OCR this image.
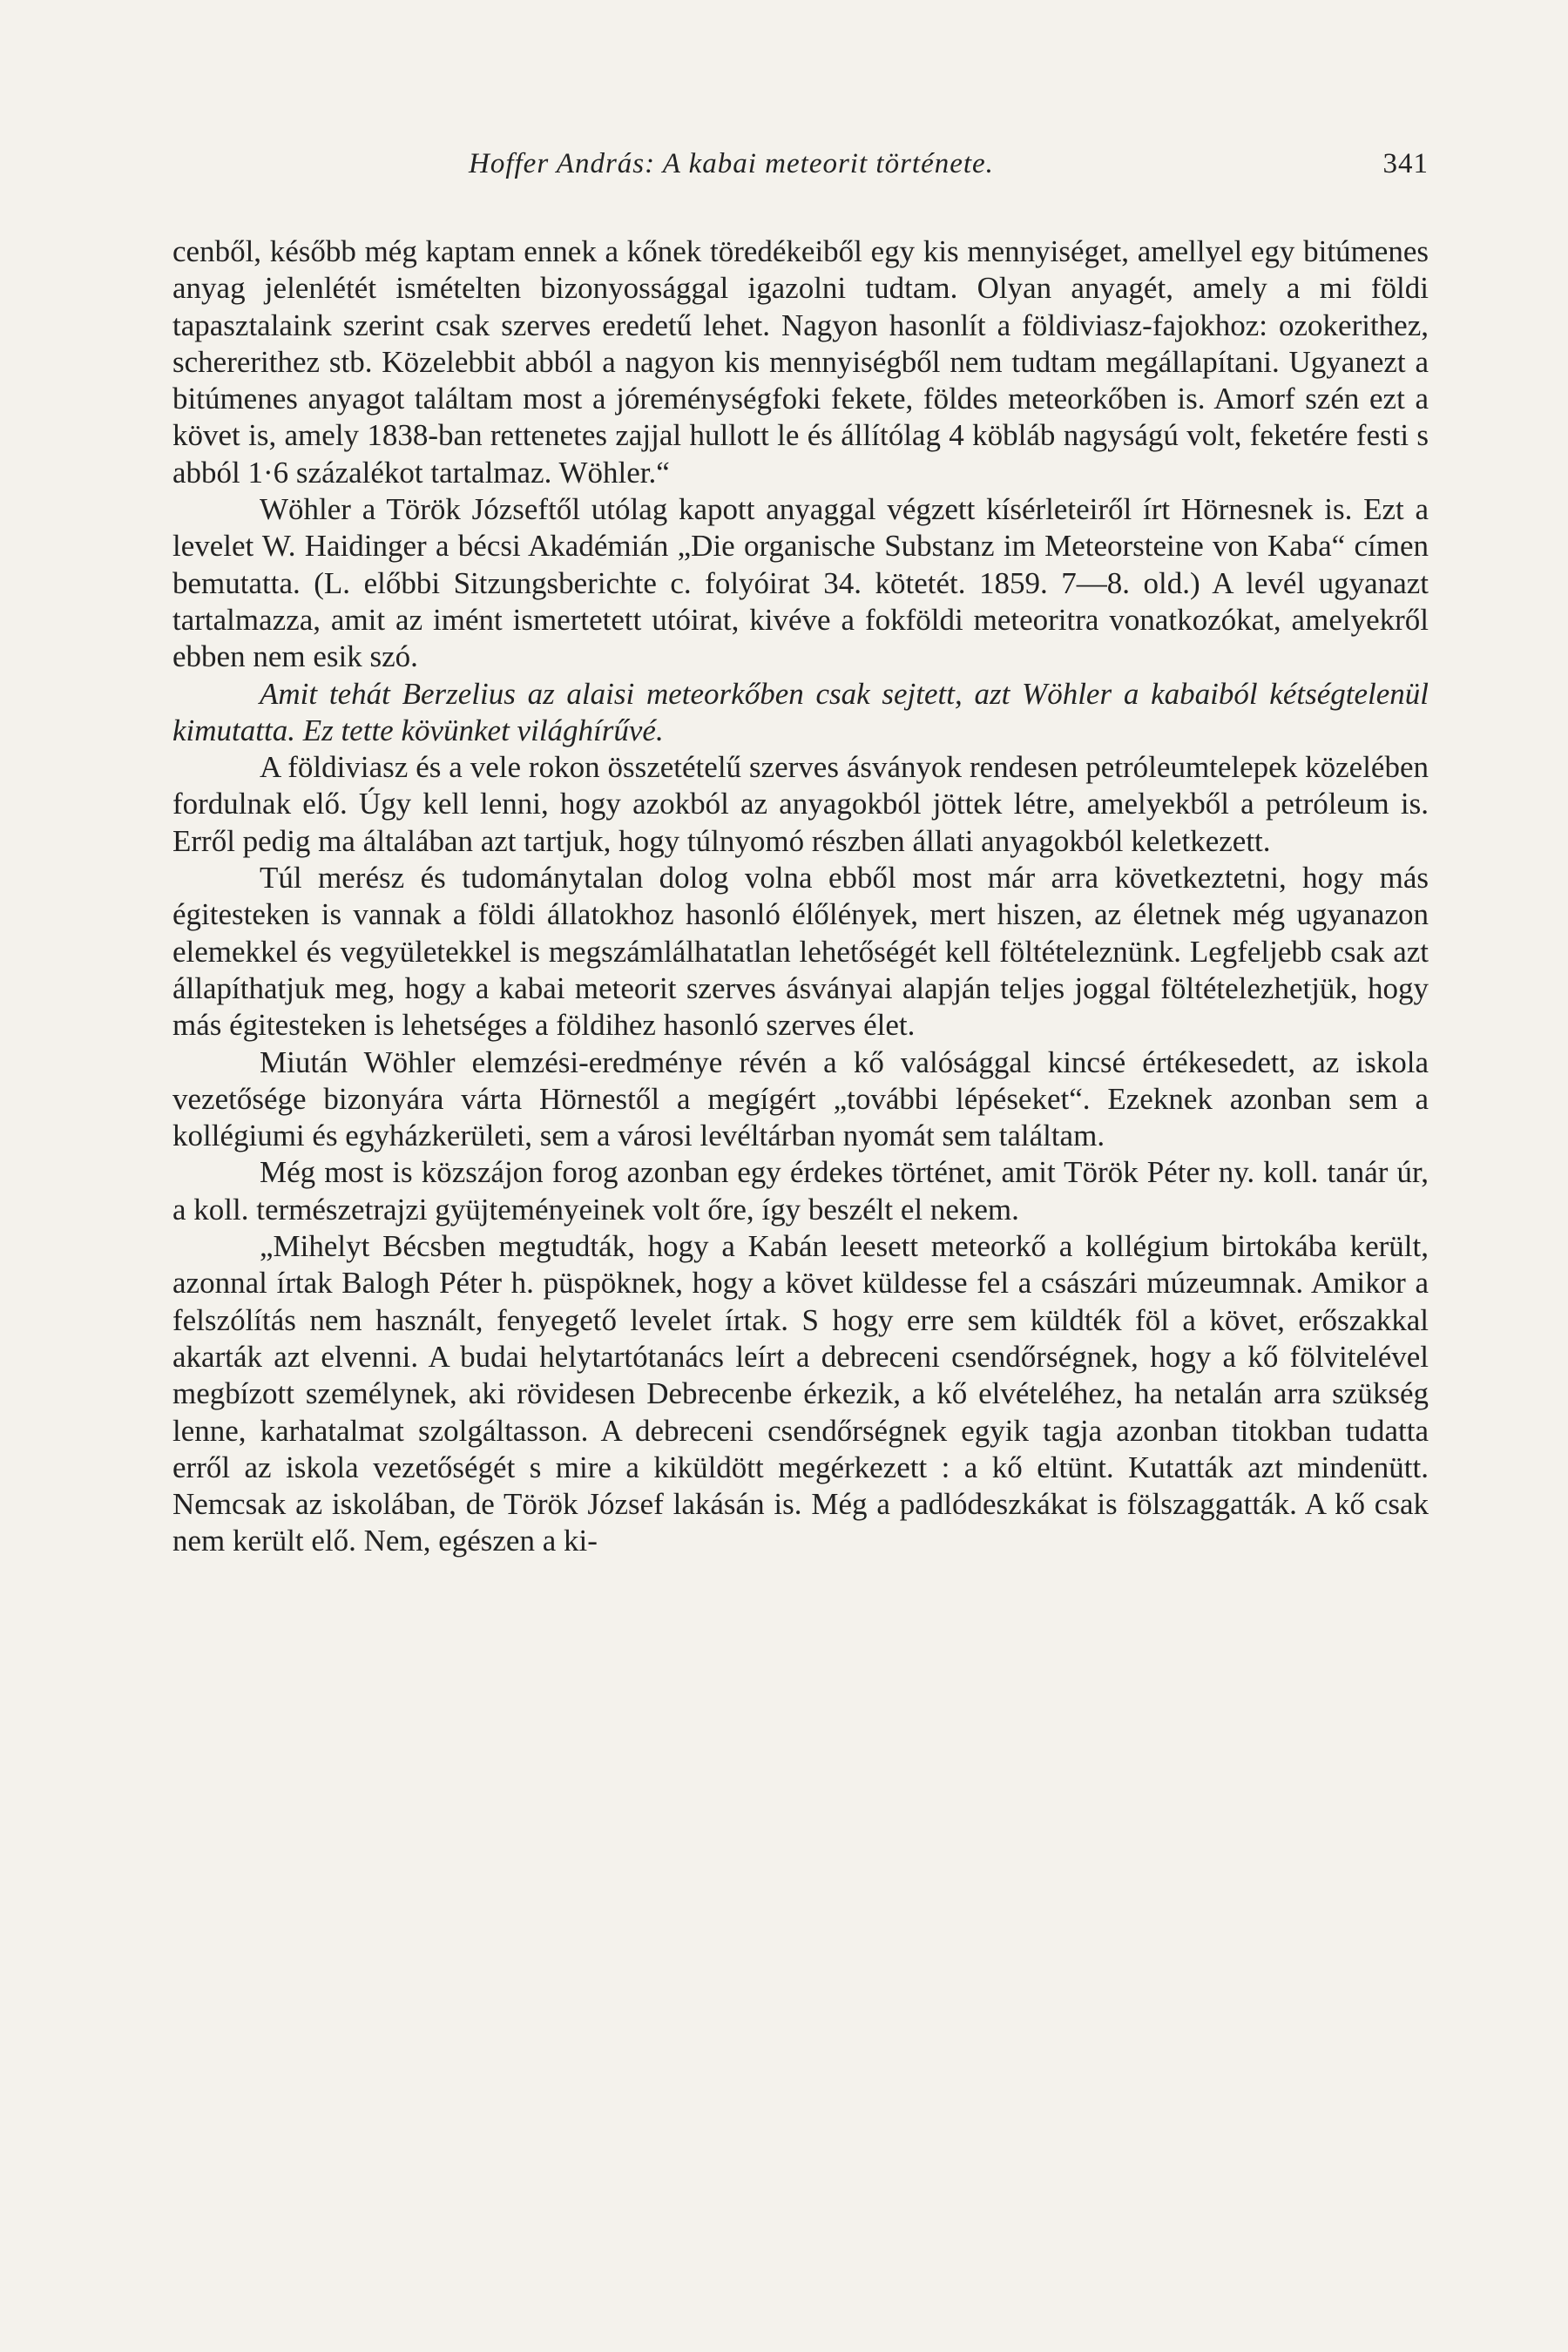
Hoffer András: A kabai meteorit története.	341

cenből, később még kaptam ennek a kőnek töredékeiből egy kis mennyiséget, amellyel egy bitúmenes anyag jelenlétét ismételten bizonyossággal igazolni tudtam. Olyan anyagét, amely a mi földi tapasztalaink szerint csak szerves eredetű lehet. Nagyon hasonlít a földiviasz-fajokhoz: ozokerithez, schererithez stb. Közelebbit abból a nagyon kis mennyiségből nem tudtam megállapítani. Ugyanezt a bitúmenes anyagot találtam most a jóreménységfoki fekete, földes meteorkőben is. Amorf szén ezt a követ is, amely 1838-ban rettenetes zajjal hullott le és állítólag 4 köbláb nagyságú volt, feketére festi s abból 1·6 százalékot tartalmaz. Wöhler.“

Wöhler a Török Józseftől utólag kapott anyaggal végzett kísérleteiről írt Hörnesnek is. Ezt a levelet W. Haidinger a bécsi Akadémián „Die organische Substanz im Meteorsteine von Kaba“ címen bemutatta. (L. előbbi Sitzungsberichte c. folyóirat 34. kötetét. 1859. 7—8. old.) A levél ugyanazt tartalmazza, amit az imént ismertetett utóirat, kivéve a fokföldi meteoritra vonatkozókat, amelyekről ebben nem esik szó.

Amit tehát Berzelius az alaisi meteorkőben csak sejtett, azt Wöhler a kabaiból kétségtelenül kimutatta. Ez tette kövünket világhírűvé.

A földiviasz és a vele rokon összetételű szerves ásványok rendesen petróleumtelepek közelében fordulnak elő. Úgy kell lenni, hogy azokból az anyagokból jöttek létre, amelyekből a petróleum is. Erről pedig ma általában azt tartjuk, hogy túlnyomó részben állati anyagokból keletkezett.

Túl merész és tudománytalan dolog volna ebből most már arra következtetni, hogy más égitesteken is vannak a földi állatokhoz hasonló élőlények, mert hiszen, az életnek még ugyanazon elemekkel és vegyületekkel is megszámlálhatatlan lehetőségét kell föltételeznünk. Legfeljebb csak azt állapíthatjuk meg, hogy a kabai meteorit szerves ásványai alapján teljes joggal föltételezhetjük, hogy más égitesteken is lehetséges a földihez hasonló szerves élet.

Miután Wöhler elemzési-eredménye révén a kő valósággal kincsé értékesedett, az iskola vezetősége bizonyára várta Hörnestől a megígért „további lépéseket“. Ezeknek azonban sem a kollégiumi és egyházkerületi, sem a városi levéltárban nyomát sem találtam.

Még most is közszájon forog azonban egy érdekes történet, amit Török Péter ny. koll. tanár úr, a koll. természetrajzi gyüjteményeinek volt őre, így beszélt el nekem.

„Mihelyt Bécsben megtudták, hogy a Kabán leesett meteorkő a kollégium birtokába került, azonnal írtak Balogh Péter h. püspöknek, hogy a követ küldesse fel a császári múzeumnak. Amikor a felszólítás nem használt, fenyegető levelet írtak. S hogy erre sem küldték föl a követ, erőszakkal akarták azt elvenni. A budai helytartótanács leírt a debreceni csendőrségnek, hogy a kő fölvitelével megbízott személynek, aki rövidesen Debrecenbe érkezik, a kő elvételéhez, ha netalán arra szükség lenne, karhatalmat szolgáltasson. A debreceni csendőrségnek egyik tagja azonban titokban tudatta erről az iskola vezetőségét s mire a kiküldött megérkezett : a kő eltünt. Kutatták azt mindenütt. Nemcsak az iskolában, de Török József lakásán is. Még a padlódeszkákat is fölszaggatták. A kő csak nem került elő. Nem, egészen a ki-
